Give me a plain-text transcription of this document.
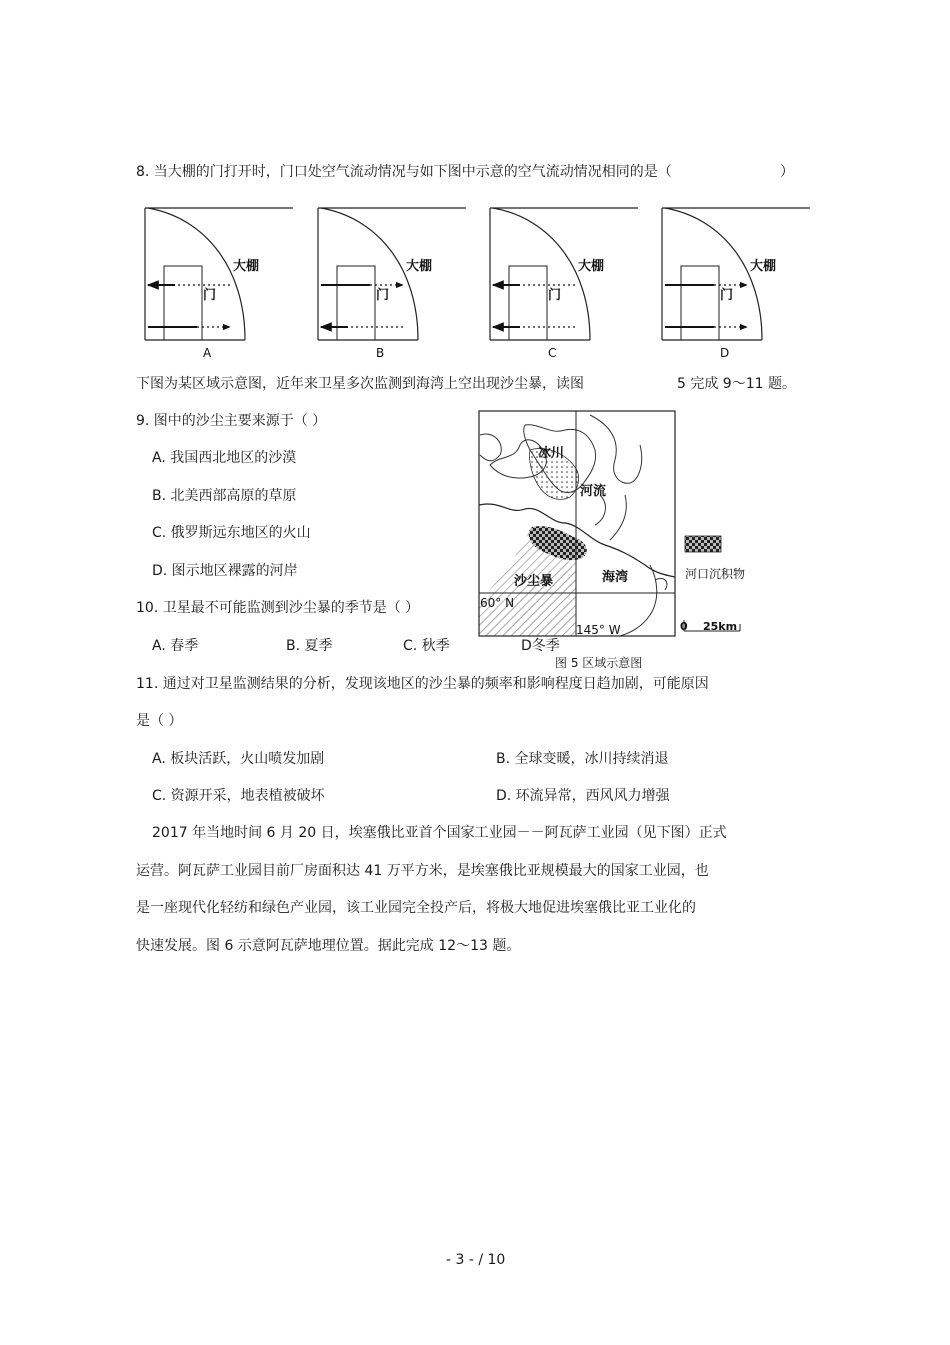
8. 当大棚的门打开时，门口处空气流动情况与如下图中示意的空气流动情况相同的是（	）
大棚
门
A
大棚
门
B
大棚
门
C
大棚
门
D
下图为某区域示意图，近年来卫星多次监测到海湾上空出现沙尘暴，读图	5 完成 9～11 题。
9. 图中的沙尘主要来源于（ ）
A. 我国西北地区的沙漠
B. 北美西部高原的草原
C. 俄罗斯远东地区的火山
D. 图示地区裸露的河岸
10. 卫星最不可能监测到沙尘暴的季节是（ ）
A. 春季	B. 夏季	C. 秋季	D冬季
冰川
河流
沙尘暴	海湾
60° N
145° W
河口沉积物
0 25km
图 5 区域示意图
11. 通过对卫星监测结果的分析，发现该地区的沙尘暴的频率和影响程度日趋加剧，可能原因
是（ ）
A. 板块活跃，火山喷发加剧	B. 全球变暖，冰川持续消退
C. 资源开采，地表植被破坏	D. 环流异常，西风风力增强
2017 年当地时间 6 月 20 日，埃塞俄比亚首个国家工业园－－阿瓦萨工业园（见下图）正式
运营。阿瓦萨工业园目前厂房面积达 41 万平方米，是埃塞俄比亚规模最大的国家工业园，也
是一座现代化轻纺和绿色产业园，该工业园完全投产后，将极大地促进埃塞俄比亚工业化的
快速发展。图 6 示意阿瓦萨地理位置。据此完成 12～13 题。
- 3 - / 10
